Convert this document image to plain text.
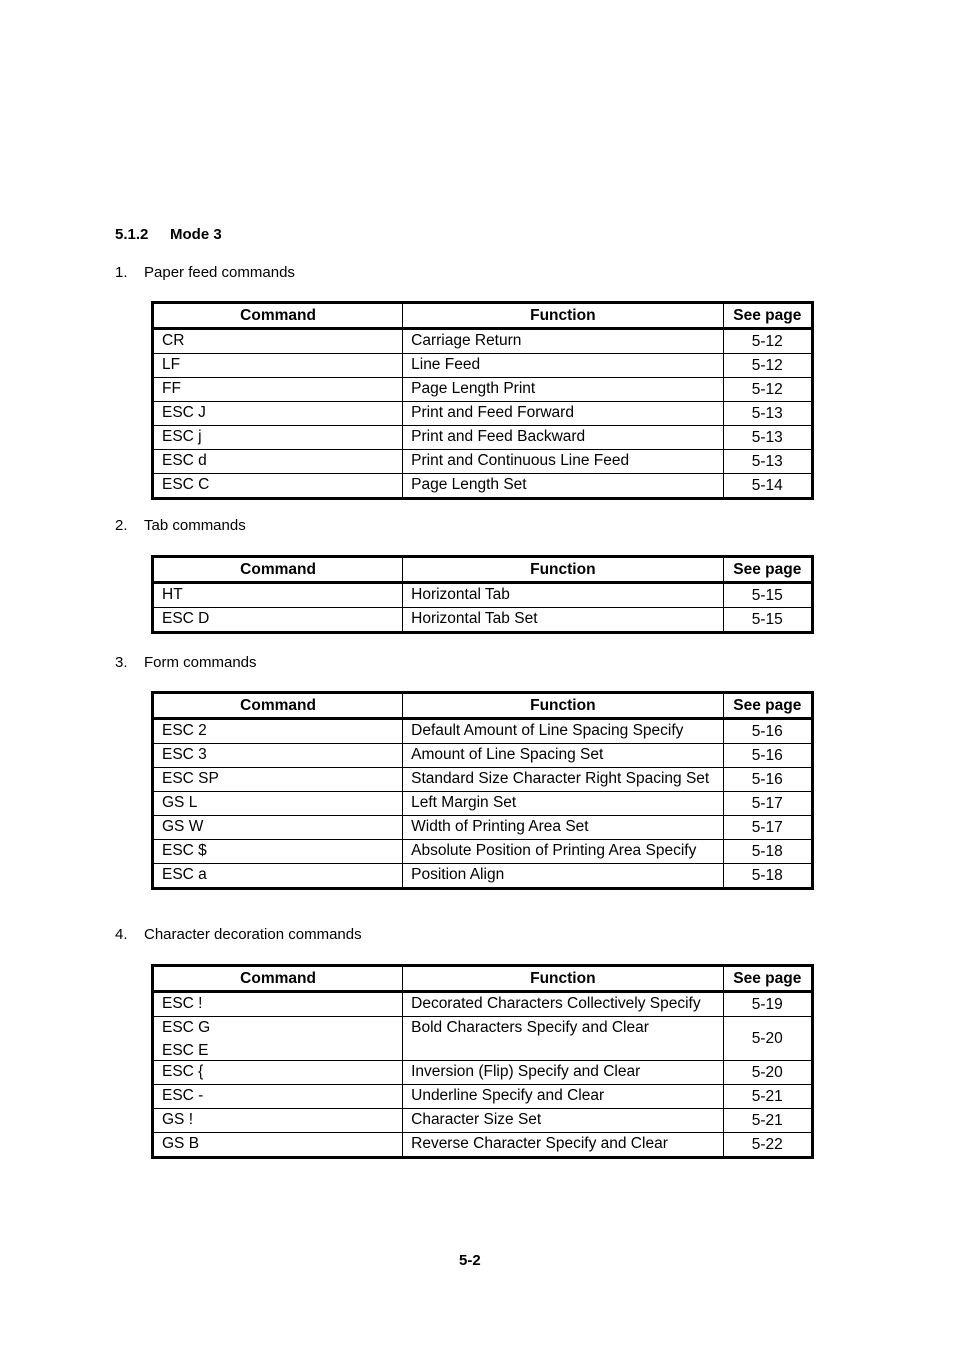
5.1.2 Mode 3
1. Paper feed commands
Command	Function	See page

CR	Carriage Return	5-12

LF	Line Feed	5-12

FF	Page Length Print	5-12

ESC J	Print and Feed Forward	5-13

ESC j	Print and Feed Backward	5-13

ESC d	Print and Continuous Line Feed	5-13

ESC C	Page Length Set	5-14
2. Tab commands
Command	Function	See page

HT	Horizontal Tab	5-15

ESC D	Horizontal Tab Set	5-15
3. Form commands
Command	Function	See page

ESC 2	Default Amount of Line Spacing Specify	5-16

ESC 3	Amount of Line Spacing Set	5-16

ESC SP	Standard Size Character Right Spacing Set	5-16

GS L	Left Margin Set	5-17

GS W	Width of Printing Area Set	5-17

ESC $	Absolute Position of Printing Area Specify	5-18

ESC a	Position Align	5-18
4. Character decoration commands
Command	Function	See page

ESC !	Decorated Characters Collectively Specify	5-19

ESC G
ESC E	Bold Characters Specify and Clear	5-20

ESC {	Inversion (Flip) Specify and Clear	5-20

ESC -	Underline Specify and Clear	5-21

GS !	Character Size Set	5-21

GS B	Reverse Character Specify and Clear	5-22
5-2
